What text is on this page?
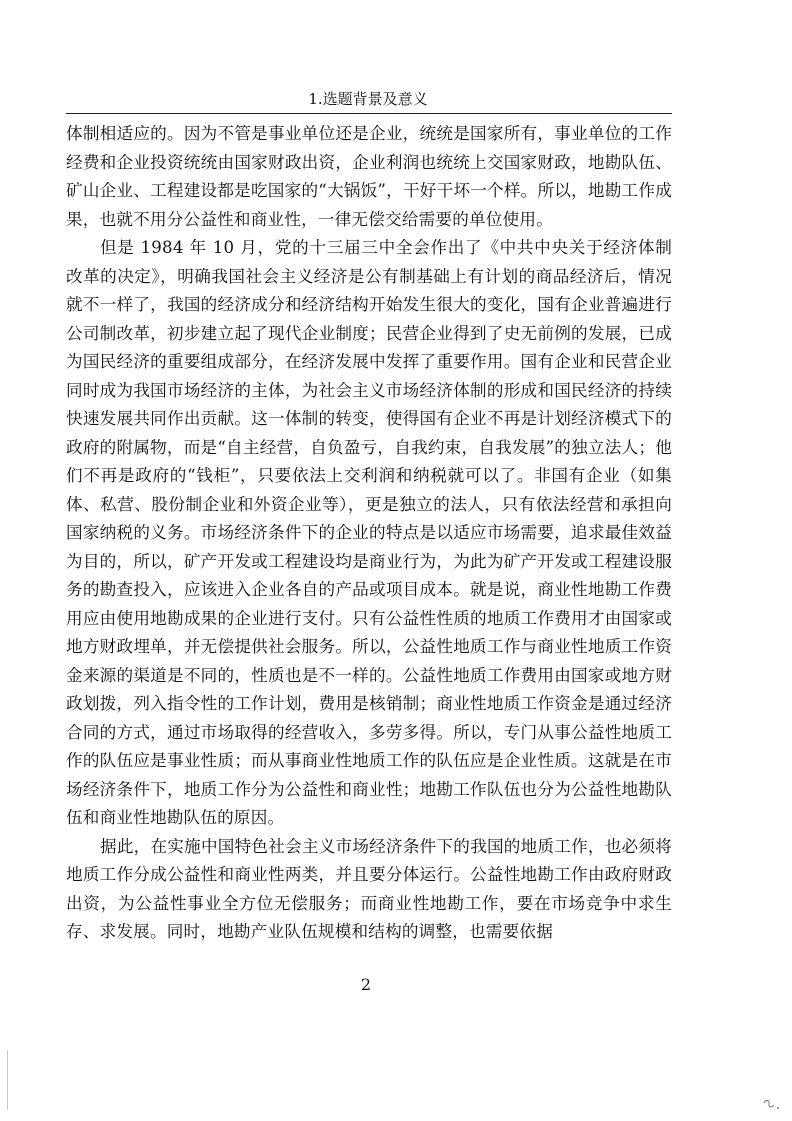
1.选题背景及意义

体制相适应的。因为不管是事业单位还是企业，统统是国家所有，事业单位的工作经费和企业投资统统由国家财政出资，企业利润也统统上交国家财政，地勘队伍、矿山企业、工程建设都是吃国家的“大锅饭”，干好干坏一个样。所以，地勘工作成果，也就不用分公益性和商业性，一律无偿交给需要的单位使用。

但是 1984 年 10 月，党的十三届三中全会作出了《中共中央关于经济体制改革的决定》，明确我国社会主义经济是公有制基础上有计划的商品经济后，情况就不一样了，我国的经济成分和经济结构开始发生很大的变化，国有企业普遍进行公司制改革，初步建立起了现代企业制度；民营企业得到了史无前例的发展，已成为国民经济的重要组成部分，在经济发展中发挥了重要作用。国有企业和民营企业同时成为我国市场经济的主体，为社会主义市场经济体制的形成和国民经济的持续快速发展共同作出贡献。这一体制的转变，使得国有企业不再是计划经济模式下的政府的附属物，而是“自主经营，自负盈亏，自我约束，自我发展”的独立法人；他们不再是政府的“钱柜”，只要依法上交利润和纳税就可以了。非国有企业（如集体、私营、股份制企业和外资企业等），更是独立的法人，只有依法经营和承担向国家纳税的义务。市场经济条件下的企业的特点是以适应市场需要，追求最佳效益为目的，所以，矿产开发或工程建设均是商业行为，为此为矿产开发或工程建设服务的勘查投入，应该进入企业各自的产品或项目成本。就是说，商业性地勘工作费用应由使用地勘成果的企业进行支付。只有公益性性质的地质工作费用才由国家或地方财政埋单，并无偿提供社会服务。所以，公益性地质工作与商业性地质工作资金来源的渠道是不同的，性质也是不一样的。公益性地质工作费用由国家或地方财政划拨，列入指令性的工作计划，费用是核销制；商业性地质工作资金是通过经济合同的方式，通过市场取得的经营收入，多劳多得。所以，专门从事公益性地质工作的队伍应是事业性质；而从事商业性地质工作的队伍应是企业性质。这就是在市场经济条件下，地质工作分为公益性和商业性；地勘工作队伍也分为公益性地勘队伍和商业性地勘队伍的原因。

据此，在实施中国特色社会主义市场经济条件下的我国的地质工作，也必须将地质工作分成公益性和商业性两类，并且要分体运行。公益性地勘工作由政府财政出资，为公益性事业全方位无偿服务；而商业性地勘工作，要在市场竞争中求生存、求发展。同时，地勘产业队伍规模和结构的调整，也需要依据

2
